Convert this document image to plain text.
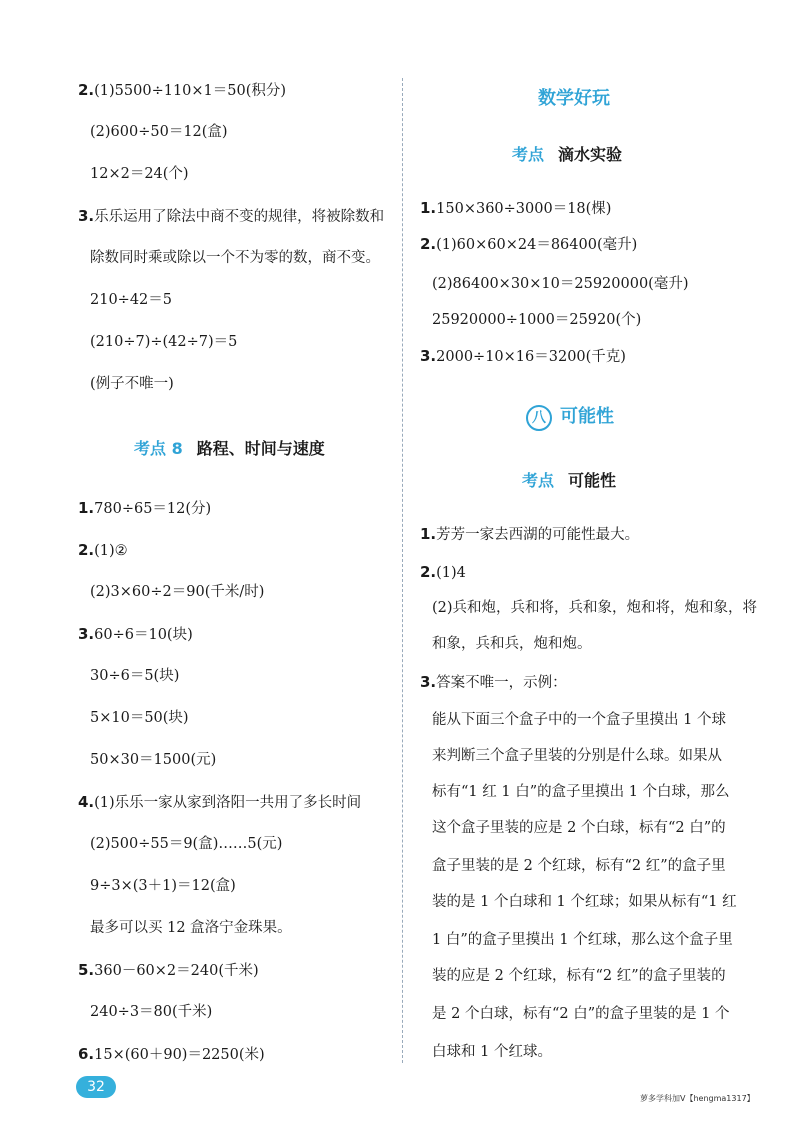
2.(1)5500÷110×1＝50(积分)
(2)600÷50＝12(盒)
12×2＝24(个)
3.乐乐运用了除法中商不变的规律，将被除数和
除数同时乘或除以一个不为零的数，商不变。
210÷42＝5
(210÷7)÷(42÷7)＝5
(例子不唯一)
考点 8 路程、时间与速度
1.780÷65＝12(分)
2.(1)②
(2)3×60÷2＝90(千米/时)
3.60÷6＝10(块)
30÷6＝5(块)
5×10＝50(块)
50×30＝1500(元)
4.(1)乐乐一家从家到洛阳一共用了多长时间
(2)500÷55＝9(盒)……5(元)
9÷3×(3＋1)＝12(盒)
最多可以买 12 盒洛宁金珠果。
5.360－60×2＝240(千米)
240÷3＝80(千米)
6.15×(60＋90)＝2250(米)
数学好玩
考点 滴水实验
1.150×360÷3000＝18(棵)
2.(1)60×60×24＝86400(毫升)
(2)86400×30×10＝25920000(毫升)
25920000÷1000＝25920(个)
3.2000÷10×16＝3200(千克)
八 可能性
考点 可能性
1.芳芳一家去西湖的可能性最大。
2.(1)4
(2)兵和炮，兵和将，兵和象，炮和将，炮和象，将
和象，兵和兵，炮和炮。
3.答案不唯一，示例：
能从下面三个盒子中的一个盒子里摸出 1 个球
来判断三个盒子里装的分别是什么球。如果从
标有“1 红 1 白”的盒子里摸出 1 个白球，那么
这个盒子里装的应是 2 个白球，标有“2 白”的
盒子里装的是 2 个红球，标有“2 红”的盒子里
装的是 1 个白球和 1 个红球；如果从标有“1 红
1 白”的盒子里摸出 1 个红球，那么这个盒子里
装的应是 2 个红球，标有“2 红”的盒子里装的
是 2 个白球，标有“2 白”的盒子里装的是 1 个
白球和 1 个红球。
32
萝多学科加V【hengma1317】
